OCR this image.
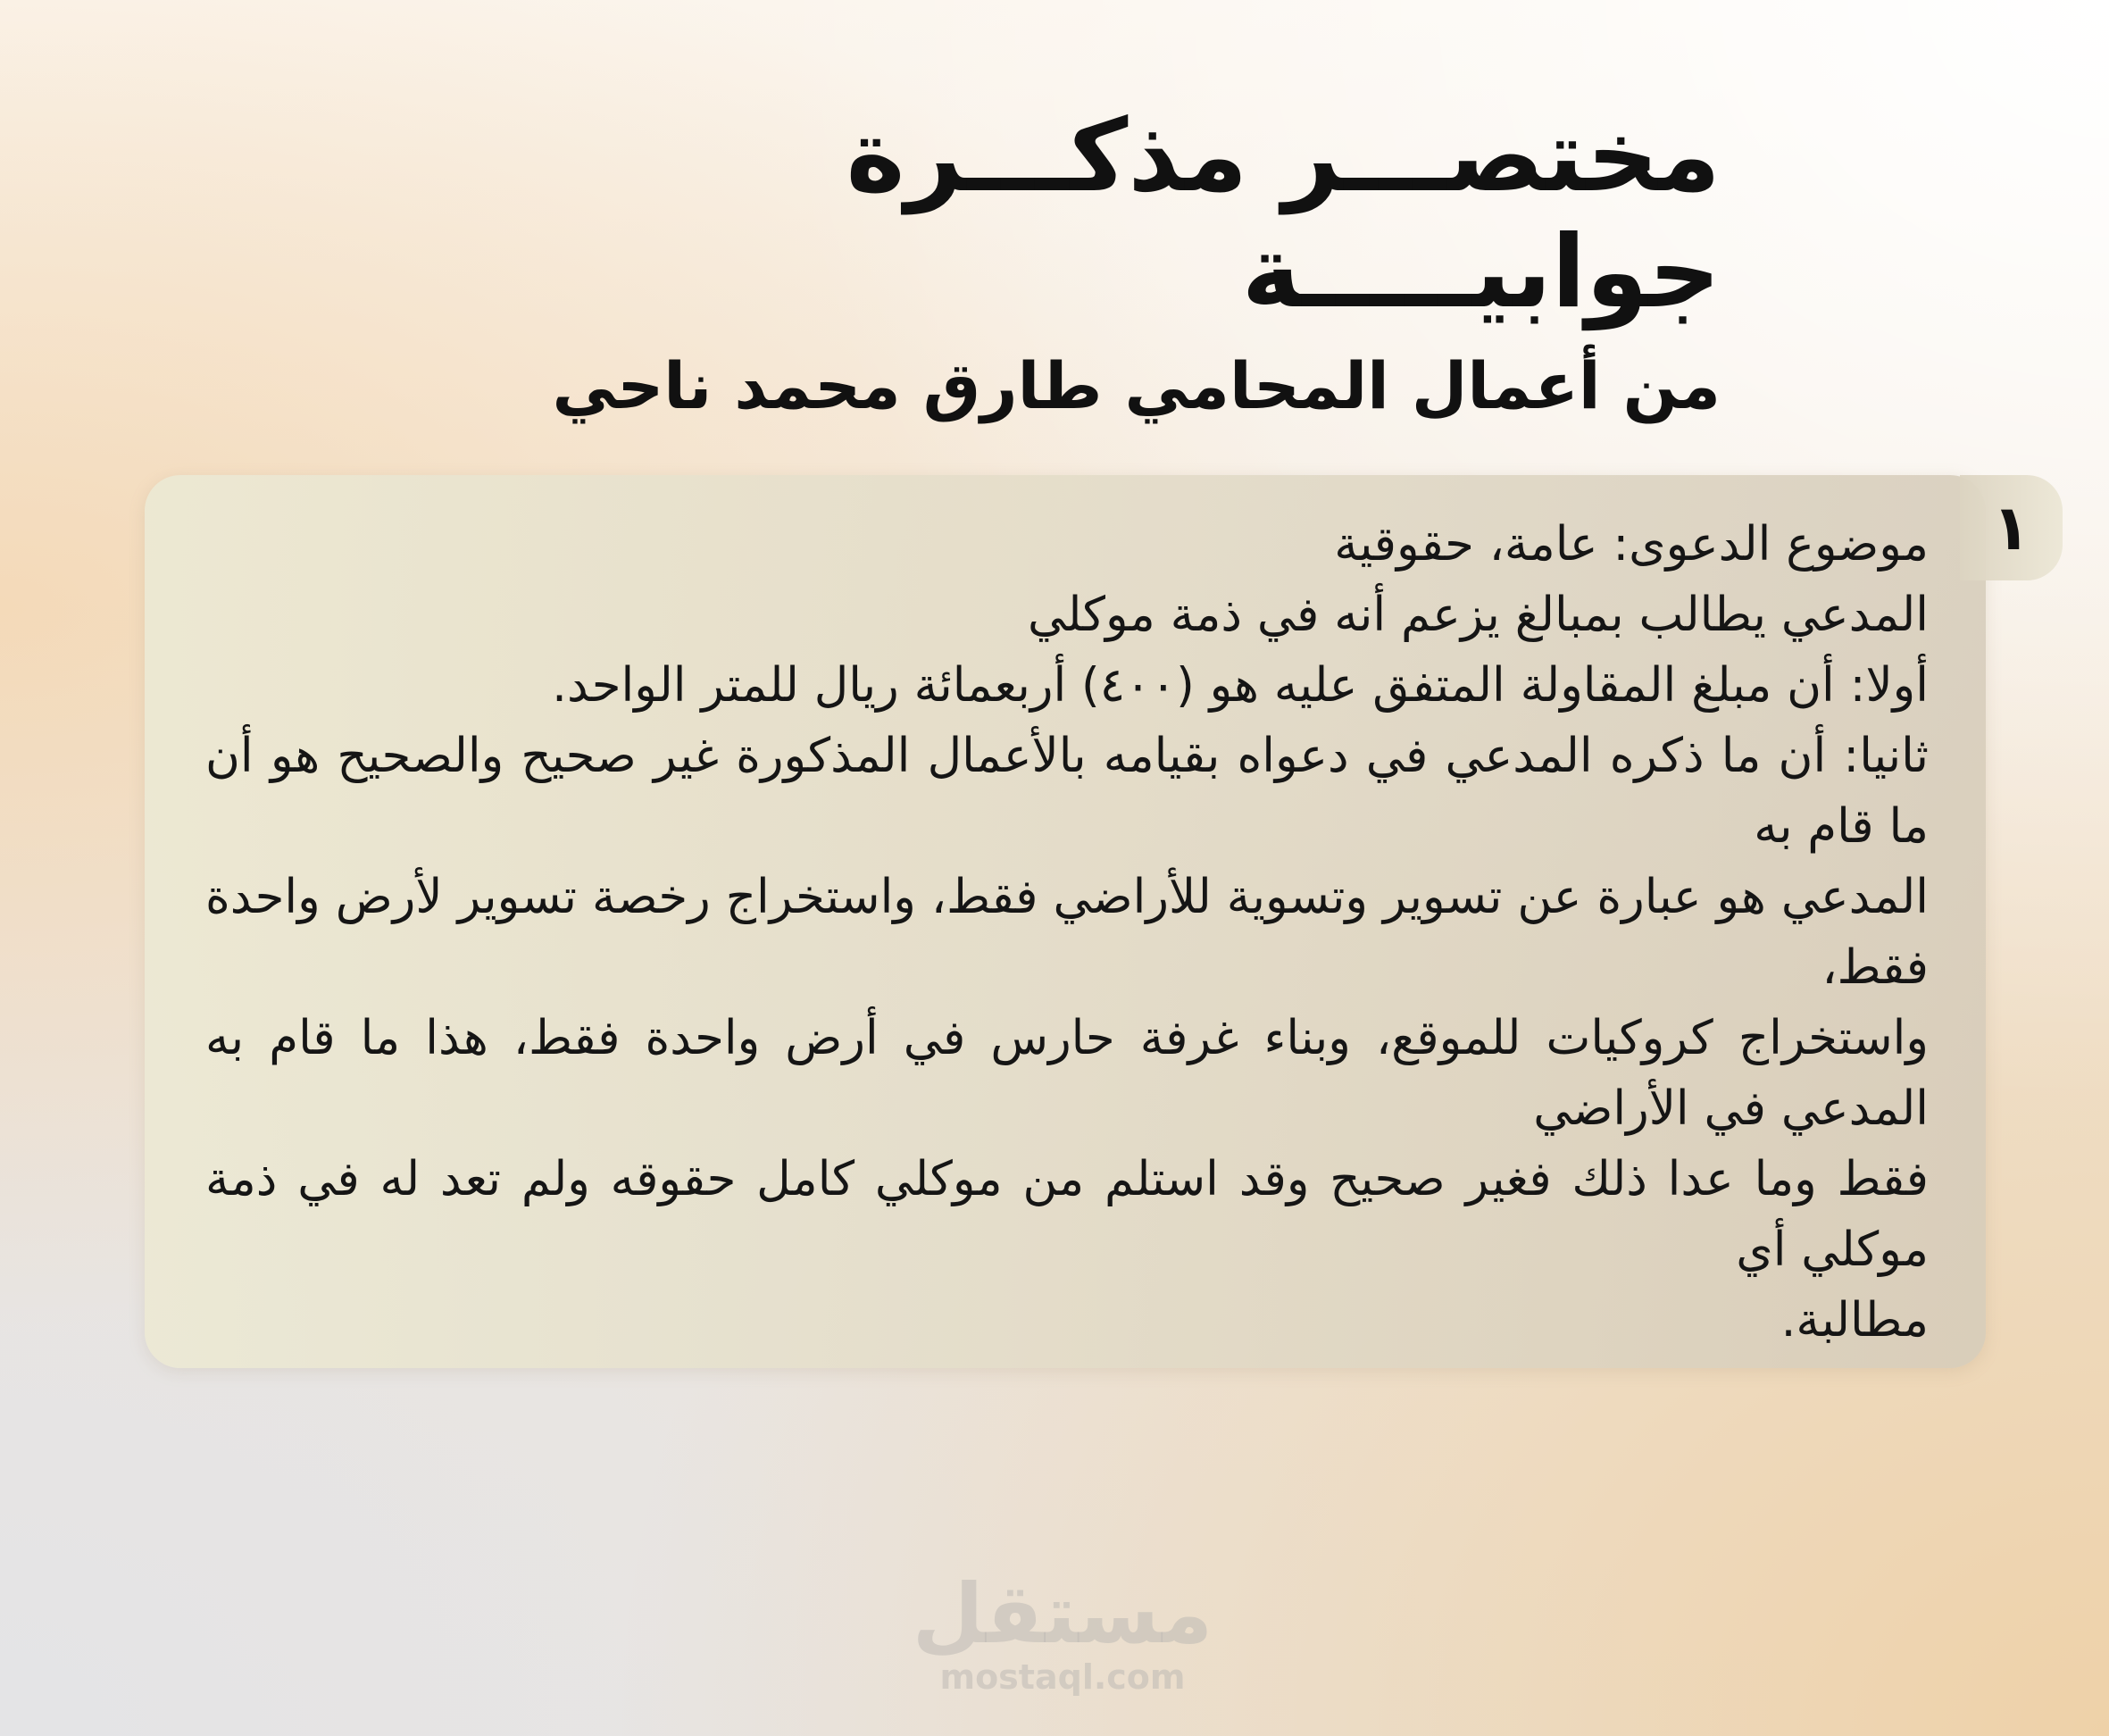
مختصـــر مذكـــرة جوابيـــــة
من أعمال المحامي طارق محمد ناحي
١

موضوع الدعوى: عامة، حقوقية

المدعي يطالب بمبالغ يزعم أنه في ذمة موكلي

أولا: أن مبلغ المقاولة المتفق عليه هو (٤٠٠) أربعمائة ريال للمتر الواحد.

ثانيا: أن ما ذكره المدعي في دعواه بقيامه بالأعمال المذكورة غير صحيح والصحيح هو أن ما قام به

المدعي هو عبارة عن تسوير وتسوية للأراضي فقط، واستخراج رخصة تسوير لأرض واحدة فقط،

واستخراج كروكيات للموقع، وبناء غرفة حارس في أرض واحدة فقط، هذا ما قام به المدعي في الأراضي

فقط وما عدا ذلك فغير صحيح وقد استلم من موكلي كامل حقوقه ولم تعد له في ذمة موكلي أي

مطالبة.

مستقل
mostaql.com
